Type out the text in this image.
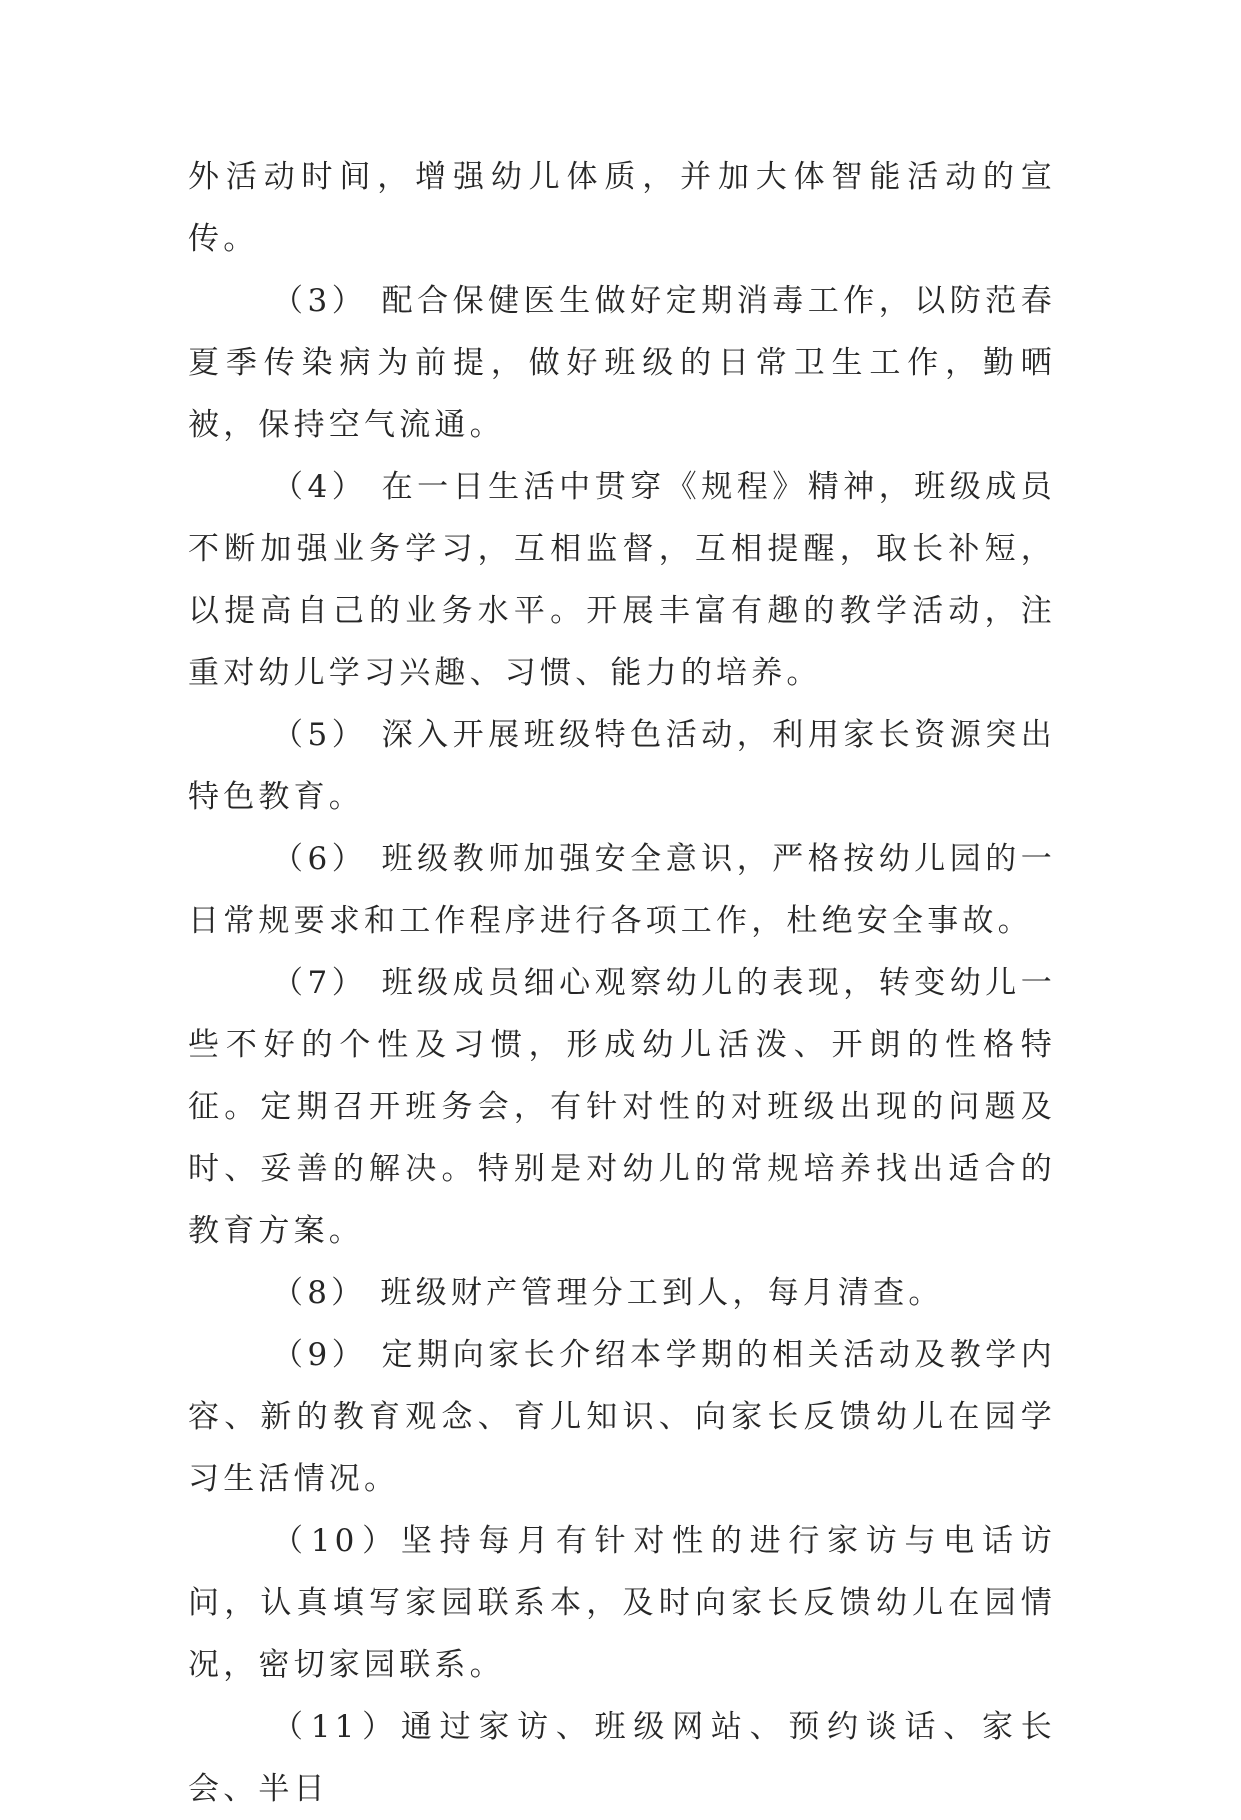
外活动时间，增强幼儿体质，并加大体智能活动的宣传。

（3） 配合保健医生做好定期消毒工作，以防范春夏季传染病为前提，做好班级的日常卫生工作，勤晒被，保持空气流通。

（4） 在一日生活中贯穿《规程》精神，班级成员不断加强业务学习，互相监督，互相提醒，取长补短，以提高自己的业务水平。开展丰富有趣的教学活动，注重对幼儿学习兴趣、习惯、能力的培养。

（5） 深入开展班级特色活动，利用家长资源突出特色教育。

（6） 班级教师加强安全意识，严格按幼儿园的一日常规要求和工作程序进行各项工作，杜绝安全事故。

（7） 班级成员细心观察幼儿的表现，转变幼儿一些不好的个性及习惯，形成幼儿活泼、开朗的性格特征。定期召开班务会，有针对性的对班级出现的问题及时、妥善的解决。特别是对幼儿的常规培养找出适合的教育方案。

（8） 班级财产管理分工到人，每月清查。

（9） 定期向家长介绍本学期的相关活动及教学内容、新的教育观念、育儿知识、向家长反馈幼儿在园学习生活情况。

（10）坚持每月有针对性的进行家访与电话访问，认真填写家园联系本，及时向家长反馈幼儿在园情况，密切家园联系。

（11）通过家访、班级网站、预约谈话、家长会、半日
